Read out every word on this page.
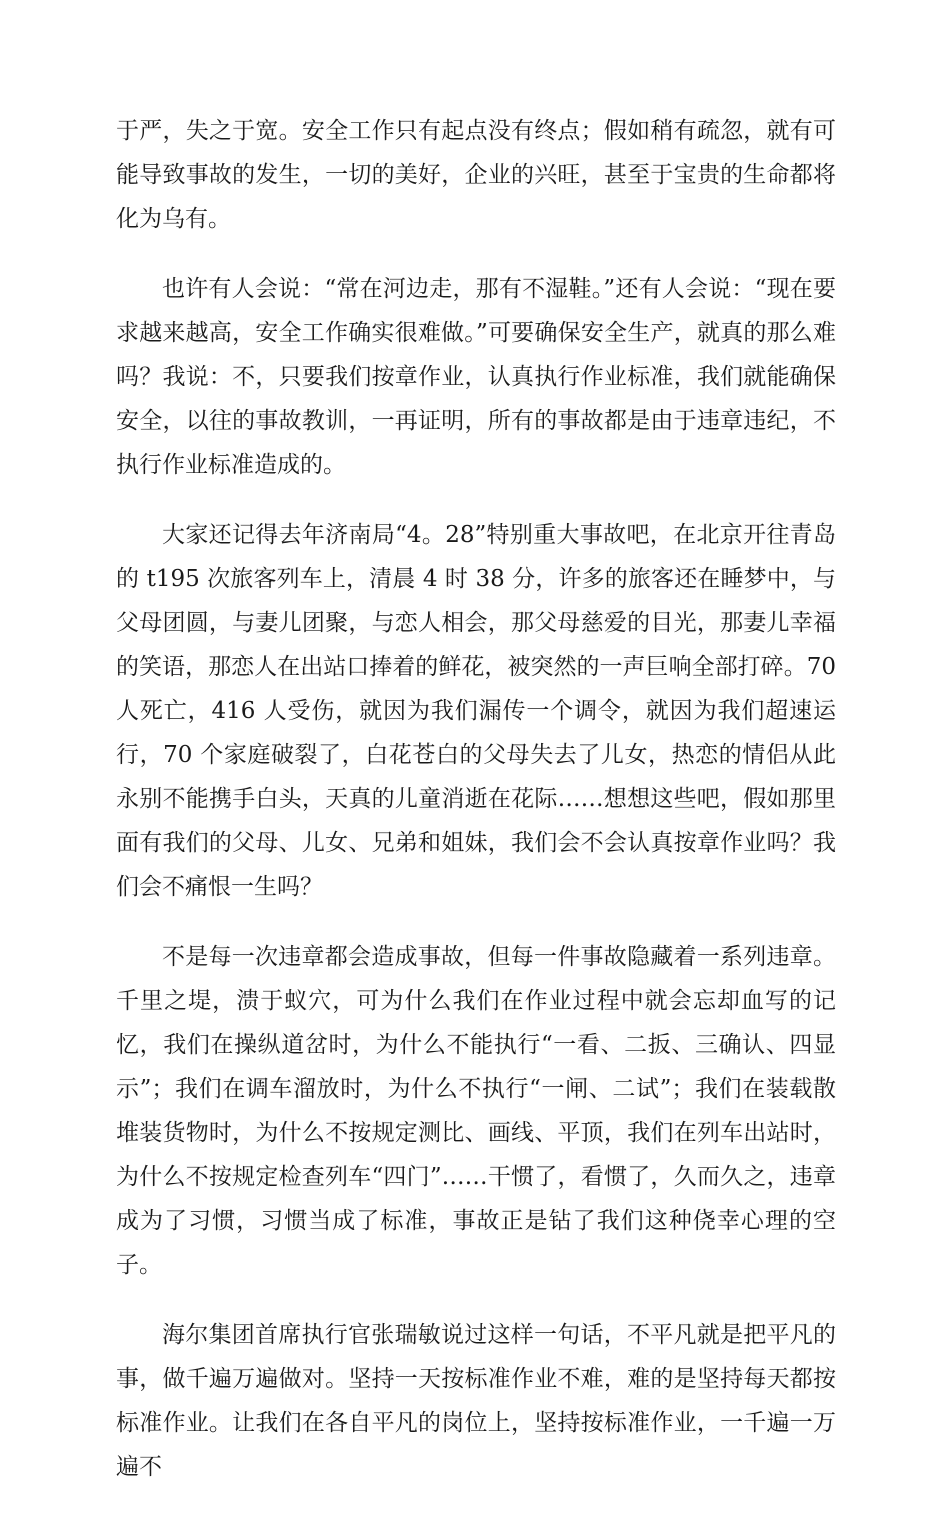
于严，失之于宽。安全工作只有起点没有终点；假如稍有疏忽，就有可能导致事故的发生，一切的美好，企业的兴旺，甚至于宝贵的生命都将化为乌有。

也许有人会说：“常在河边走，那有不湿鞋。”还有人会说：“现在要求越来越高，安全工作确实很难做。”可要确保安全生产，就真的那么难吗？我说：不，只要我们按章作业，认真执行作业标准，我们就能确保安全，以往的事故教训，一再证明，所有的事故都是由于违章违纪，不执行作业标准造成的。

大家还记得去年济南局“4。28”特别重大事故吧，在北京开往青岛的 t195 次旅客列车上，清晨 4 时 38 分，许多的旅客还在睡梦中，与父母团圆，与妻儿团聚，与恋人相会，那父母慈爱的目光，那妻儿幸福的笑语，那恋人在出站口捧着的鲜花，被突然的一声巨响全部打碎。70 人死亡，416 人受伤，就因为我们漏传一个调令，就因为我们超速运行，70 个家庭破裂了，白花苍白的父母失去了儿女，热恋的情侣从此永别不能携手白头，天真的儿童消逝在花际……想想这些吧，假如那里面有我们的父母、儿女、兄弟和姐妹，我们会不会认真按章作业吗？我们会不痛恨一生吗？

不是每一次违章都会造成事故，但每一件事故隐藏着一系列违章。千里之堤，溃于蚁穴，可为什么我们在作业过程中就会忘却血写的记忆，我们在操纵道岔时，为什么不能执行“一看、二扳、三确认、四显示”；我们在调车溜放时，为什么不执行“一闸、二试”；我们在装载散堆装货物时，为什么不按规定测比、画线、平顶，我们在列车出站时，为什么不按规定检查列车“四门”……干惯了，看惯了，久而久之，违章成为了习惯，习惯当成了标准，事故正是钻了我们这种侥幸心理的空子。

海尔集团首席执行官张瑞敏说过这样一句话，不平凡就是把平凡的事，做千遍万遍做对。坚持一天按标准作业不难，难的是坚持每天都按标准作业。让我们在各自平凡的岗位上，坚持按标准作业，一千遍一万遍不
